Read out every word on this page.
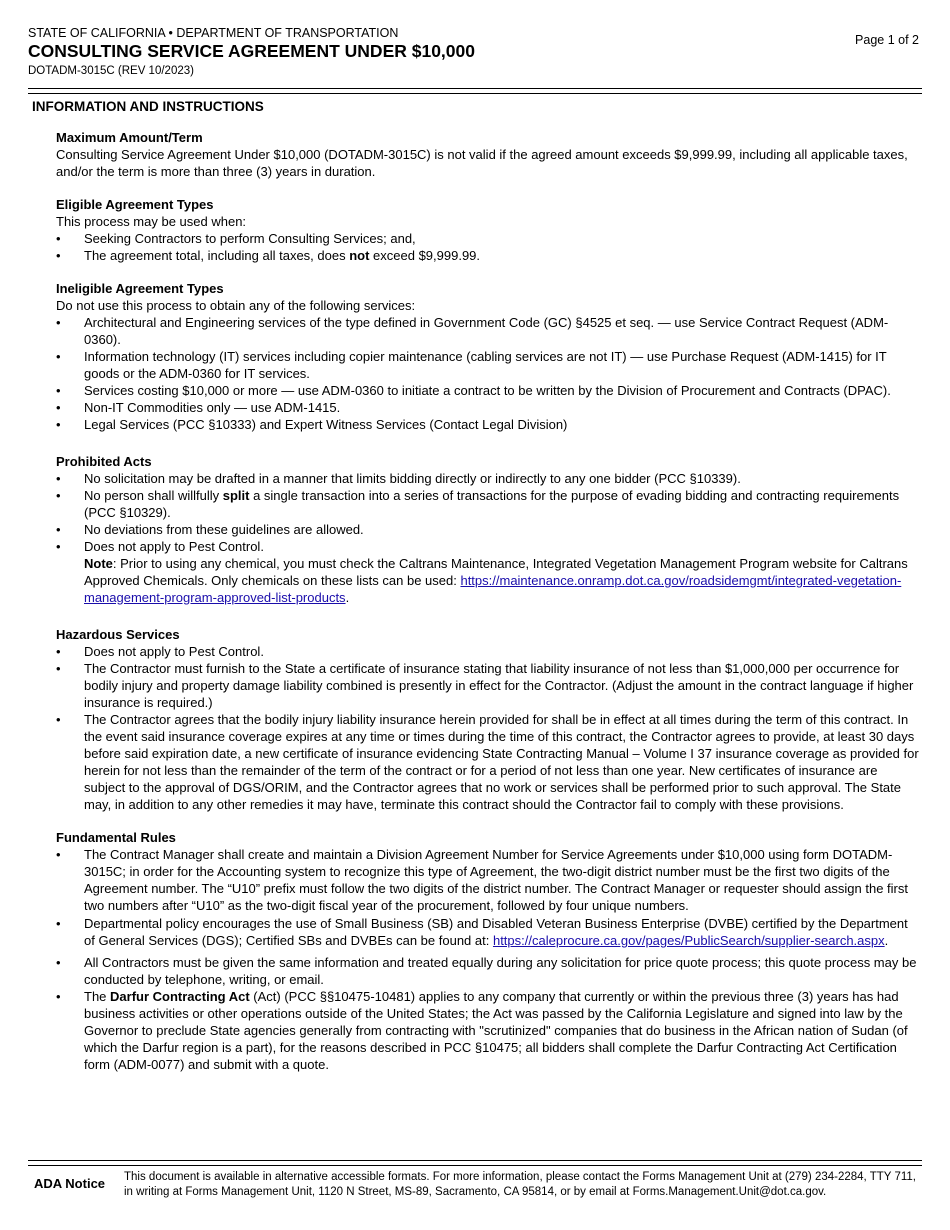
STATE OF CALIFORNIA • DEPARTMENT OF TRANSPORTATION
CONSULTING SERVICE AGREEMENT UNDER $10,000
DOTADM-3015C (REV 10/2023)
Page 1 of 2
INFORMATION AND INSTRUCTIONS
Maximum Amount/Term

Consulting Service Agreement Under $10,000 (DOTADM-3015C) is not valid if the agreed amount exceeds $9,999.99, including all applicable taxes, and/or the term is more than three (3) years in duration.

Eligible Agreement Types

This process may be used when:

• Seeking Contractors to perform Consulting Services; and,
• The agreement total, including all taxes, does not exceed $9,999.99.
Ineligible Agreement Types

Do not use this process to obtain any of the following services:

• Architectural and Engineering services of the type defined in Government Code (GC) §4525 et seq. — use Service Contract Request (ADM-0360).
• Information technology (IT) services including copier maintenance (cabling services are not IT) — use Purchase Request (ADM-1415) for IT goods or the ADM-0360 for IT services.
• Services costing $10,000 or more — use ADM-0360 to initiate a contract to be written by the Division of Procurement and Contracts (DPAC).
• Non-IT Commodities only — use ADM-1415.
• Legal Services (PCC §10333) and Expert Witness Services (Contact Legal Division)
Prohibited Acts
• No solicitation may be drafted in a manner that limits bidding directly or indirectly to any one bidder (PCC §10339).
• No person shall willfully split a single transaction into a series of transactions for the purpose of evading bidding and contracting requirements (PCC §10329).
• No deviations from these guidelines are allowed.
• Does not apply to Pest Control.
Note: Prior to using any chemical, you must check the Caltrans Maintenance, Integrated Vegetation Management Program website for Caltrans Approved Chemicals. Only chemicals on these lists can be used: https://maintenance.onramp.dot.ca.gov/roadsidemgmt/integrated-vegetation-management-program-approved-list-products.
Hazardous Services
• Does not apply to Pest Control.
• The Contractor must furnish to the State a certificate of insurance stating that liability insurance of not less than $1,000,000 per occurrence for bodily injury and property damage liability combined is presently in effect for the Contractor. (Adjust the amount in the contract language if higher insurance is required.)
• The Contractor agrees that the bodily injury liability insurance herein provided for shall be in effect at all times during the term of this contract. In the event said insurance coverage expires at any time or times during the time of this contract, the Contractor agrees to provide, at least 30 days before said expiration date, a new certificate of insurance evidencing State Contracting Manual – Volume I 37 insurance coverage as provided for herein for not less than the remainder of the term of the contract or for a period of not less than one year. New certificates of insurance are subject to the approval of DGS/ORIM, and the Contractor agrees that no work or services shall be performed prior to such approval. The State may, in addition to any other remedies it may have, terminate this contract should the Contractor fail to comply with these provisions.
Fundamental Rules
• The Contract Manager shall create and maintain a Division Agreement Number for Service Agreements under $10,000 using form DOTADM-3015C; in order for the Accounting system to recognize this type of Agreement, the two-digit district number must be the first two digits of the Agreement number. The “U10” prefix must follow the two digits of the district number. The Contract Manager or requester should assign the first two numbers after “U10” as the two-digit fiscal year of the procurement, followed by four unique numbers.
• Departmental policy encourages the use of Small Business (SB) and Disabled Veteran Business Enterprise (DVBE) certified by the Department of General Services (DGS); Certified SBs and DVBEs can be found at: https://caleprocure.ca.gov/pages/PublicSearch/supplier-search.aspx.
• All Contractors must be given the same information and treated equally during any solicitation for price quote process; this quote process may be conducted by telephone, writing, or email.
• The Darfur Contracting Act (Act) (PCC §§10475-10481) applies to any company that currently or within the previous three (3) years has had business activities or other operations outside of the United States; the Act was passed by the California Legislature and signed into law by the Governor to preclude State agencies generally from contracting with "scrutinized" companies that do business in the African nation of Sudan (of which the Darfur region is a part), for the reasons described in PCC §10475; all bidders shall complete the Darfur Contracting Act Certification form (ADM-0077) and submit with a quote.
ADA Notice This document is available in alternative accessible formats. For more information, please contact the Forms Management Unit at (279) 234-2284, TTY 711, in writing at Forms Management Unit, 1120 N Street, MS-89, Sacramento, CA 95814, or by email at Forms.Management.Unit@dot.ca.gov.
